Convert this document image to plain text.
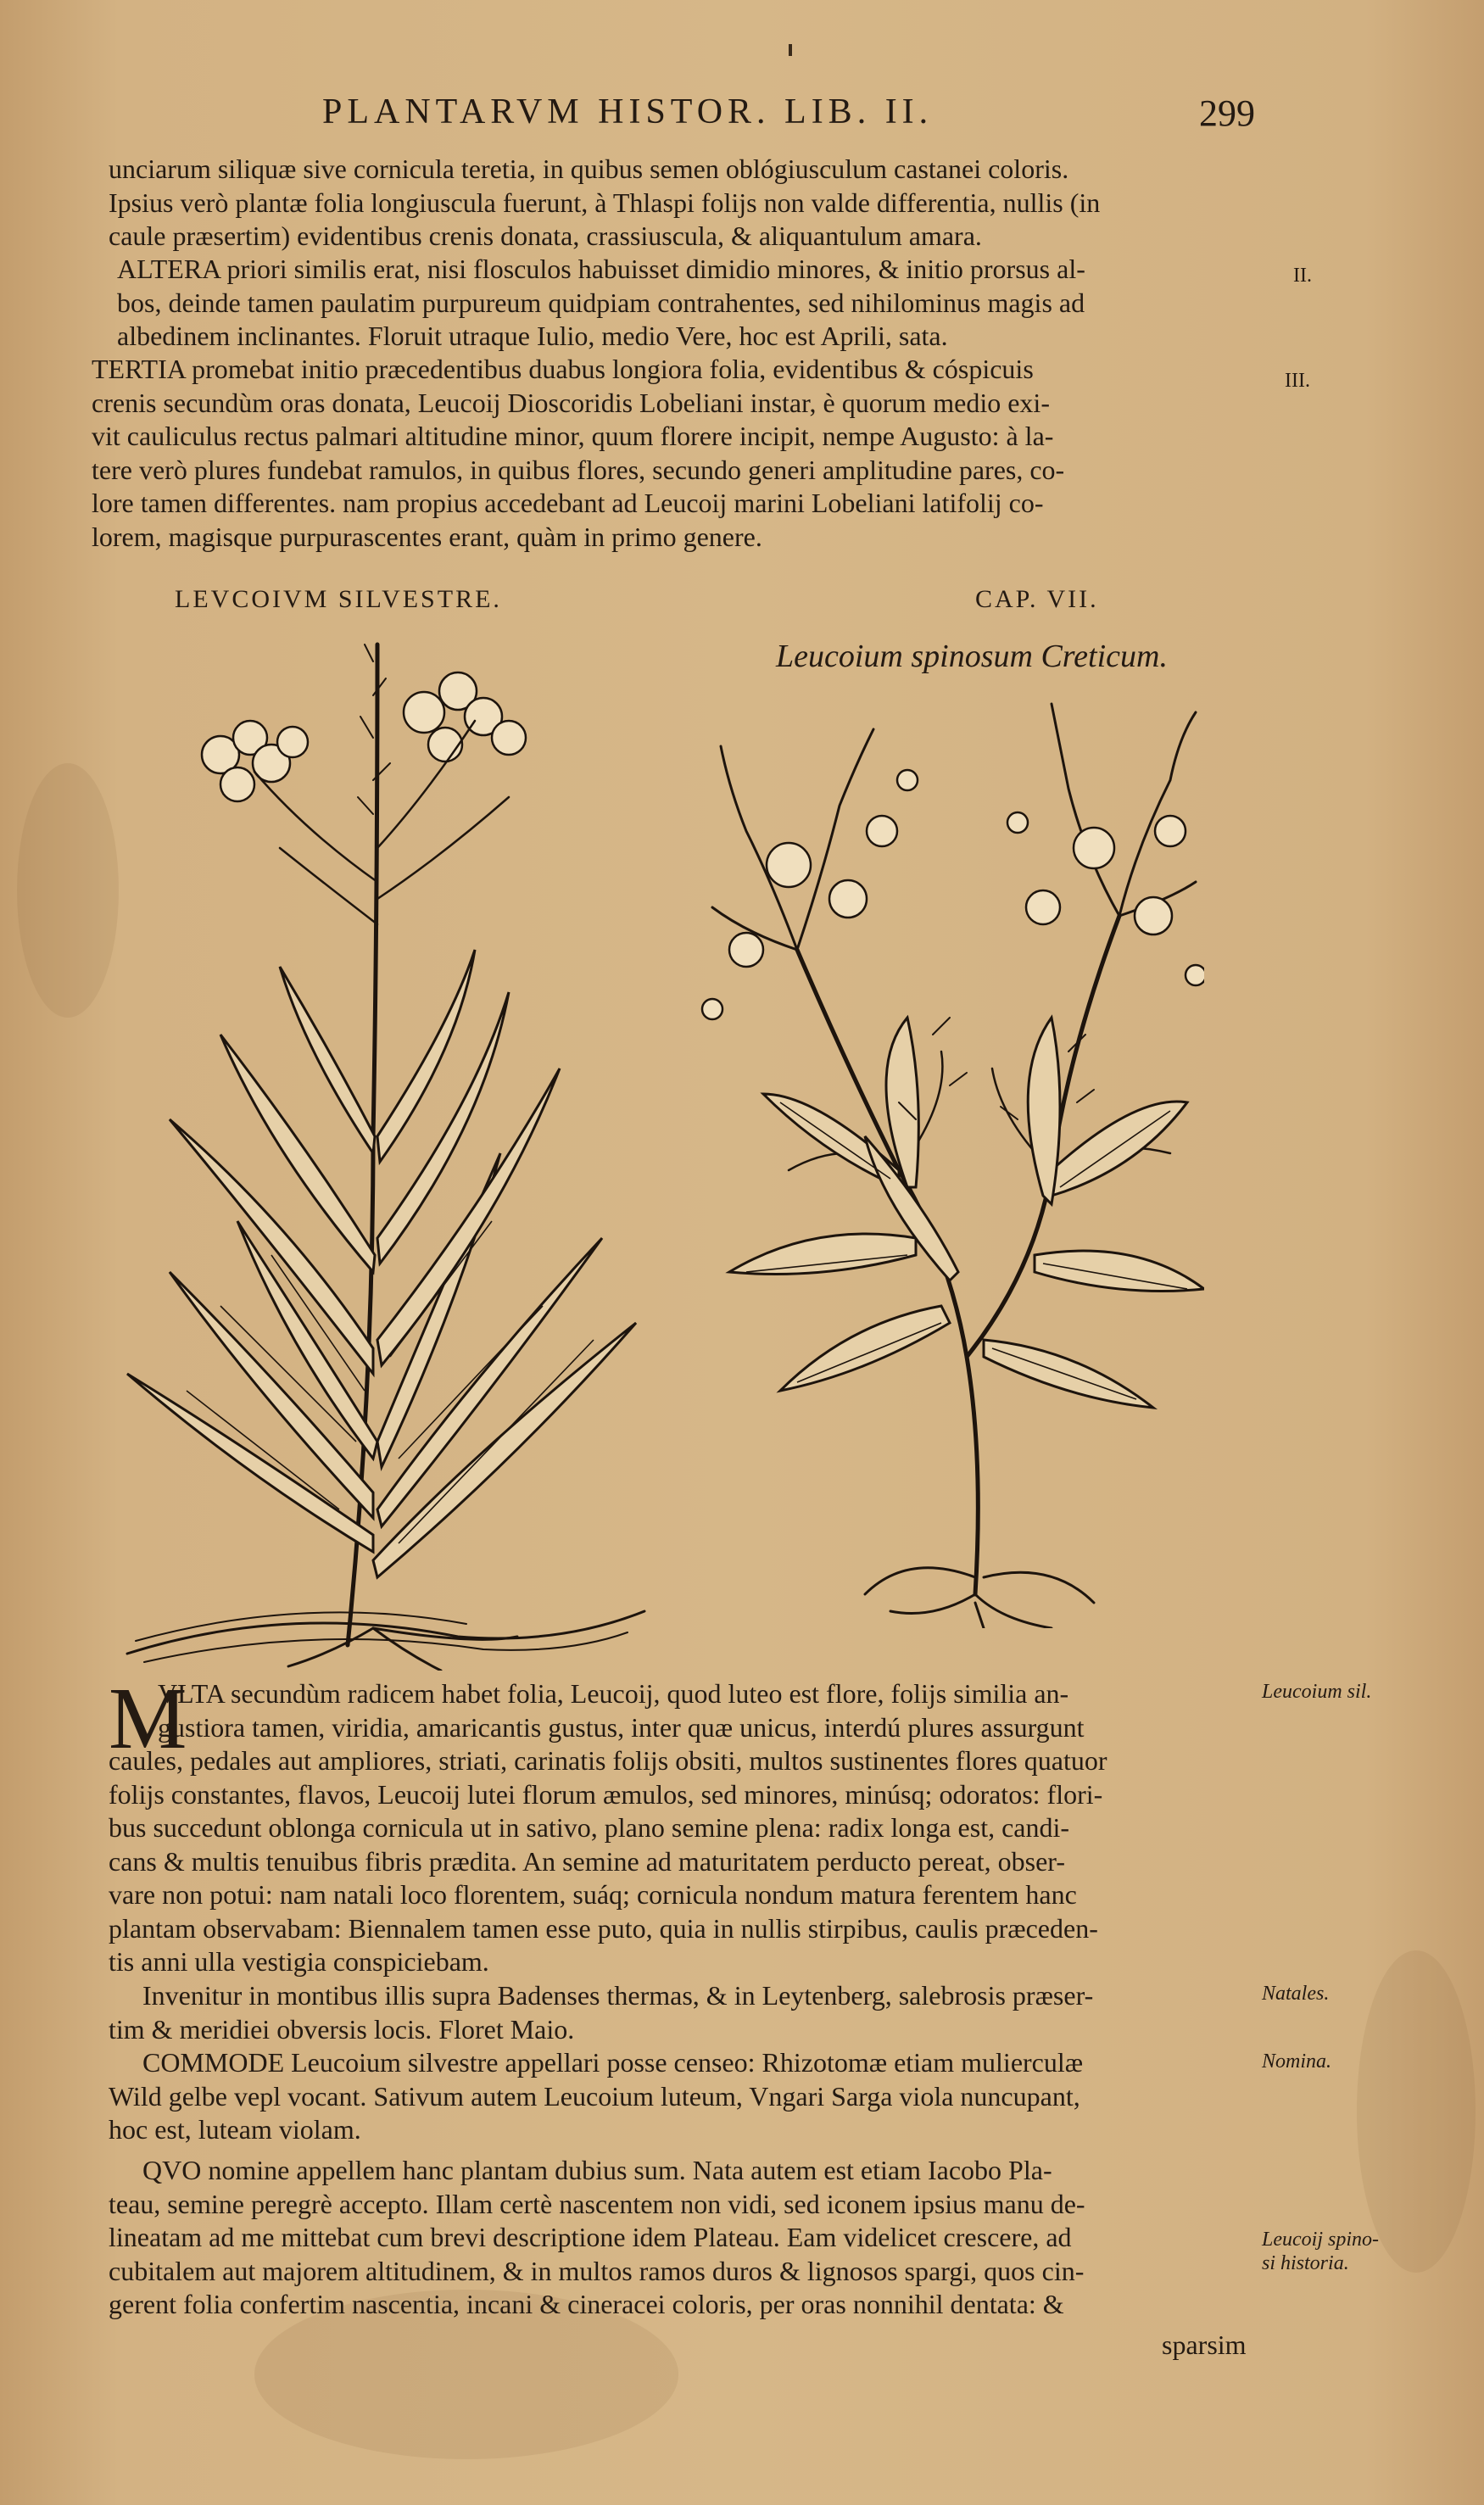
PLANTARVM HISTOR. LIB. II.	299
unciarum siliquæ sive cornicula teretia, in quibus semen oblógiusculum castanei coloris.
Ipsius verò plantæ folia longiuscula fuerunt, à Thlaspi folijs non valde differentia, nullis (in
caule præsertim) evidentibus crenis donata, crassiuscula, & aliquantulum amara.
ALTERA priori similis erat, nisi flosculos habuisset dimidio minores, & initio prorsus al-
bos, deinde tamen paulatim purpureum quidpiam contrahentes, sed nihilominus magis ad
albedinem inclinantes. Floruit utraque Iulio, medio Vere, hoc est Aprili, sata.
II.
TERTIA promebat initio præcedentibus duabus longiora folia, evidentibus & cóspicuis
crenis secundùm oras donata, Leucoij Dioscoridis Lobeliani instar, è quorum medio exi-
vit cauliculus rectus palmari altitudine minor, quum florere incipit, nempe Augusto: à la-
tere verò plures fundebat ramulos, in quibus flores, secundo generi amplitudine pares, co-
lore tamen differentes. nam propius accedebant ad Leucoij marini Lobeliani latifolij co-
lorem, magisque purpurascentes erant, quàm in primo genere.
III.
LEVCOIVM SILVESTRE.	CAP. VII.
Leucoium spinosum Creticum.
M
VLTA secundùm radicem habet folia, Leucoij, quod luteo est flore, folijs similia an-
gustiora tamen, viridia, amaricantis gustus, inter quæ unicus, interdú plures assurgunt
caules, pedales aut ampliores, striati, carinatis folijs obsiti, multos sustinentes flores quatuor
folijs constantes, flavos, Leucoij lutei florum æmulos, sed minores, minúsq; odoratos: flori-
bus succedunt oblonga cornicula ut in sativo, plano semine plena: radix longa est, candi-
cans & multis tenuibus fibris prædita. An semine ad maturitatem perducto pereat, obser-
vare non potui: nam natali loco florentem, suáq; cornicula nondum matura ferentem hanc
plantam observabam: Biennalem tamen esse puto, quia in nullis stirpibus, caulis præceden-
tis anni ulla vestigia conspiciebam.
Invenitur in montibus illis supra Badenses thermas, & in Leytenberg, salebrosis præser-
tim & meridiei obversis locis. Floret Maio.
COMMODE Leucoium silvestre appellari posse censeo: Rhizotomæ etiam mulierculæ
Wild gelbe vepl vocant. Sativum autem Leucoium luteum, Vngari Sarga viola nuncupant,
hoc est, luteam violam.
QVO nomine appellem hanc plantam dubius sum. Nata autem est etiam Iacobo Pla-
teau, semine peregrè accepto. Illam certè nascentem non vidi, sed iconem ipsius manu de-
lineatam ad me mittebat cum brevi descriptione idem Plateau. Eam videlicet crescere, ad
cubitalem aut majorem altitudinem, & in multos ramos duros & lignosos spargi, quos cin-
gerent folia confertim nascentia, incani & cineracei coloris, per oras nonnihil dentata: &
sparsim
Leucoium sil.
Natales.
Nomina.
Leucoij spino-
si historia.
